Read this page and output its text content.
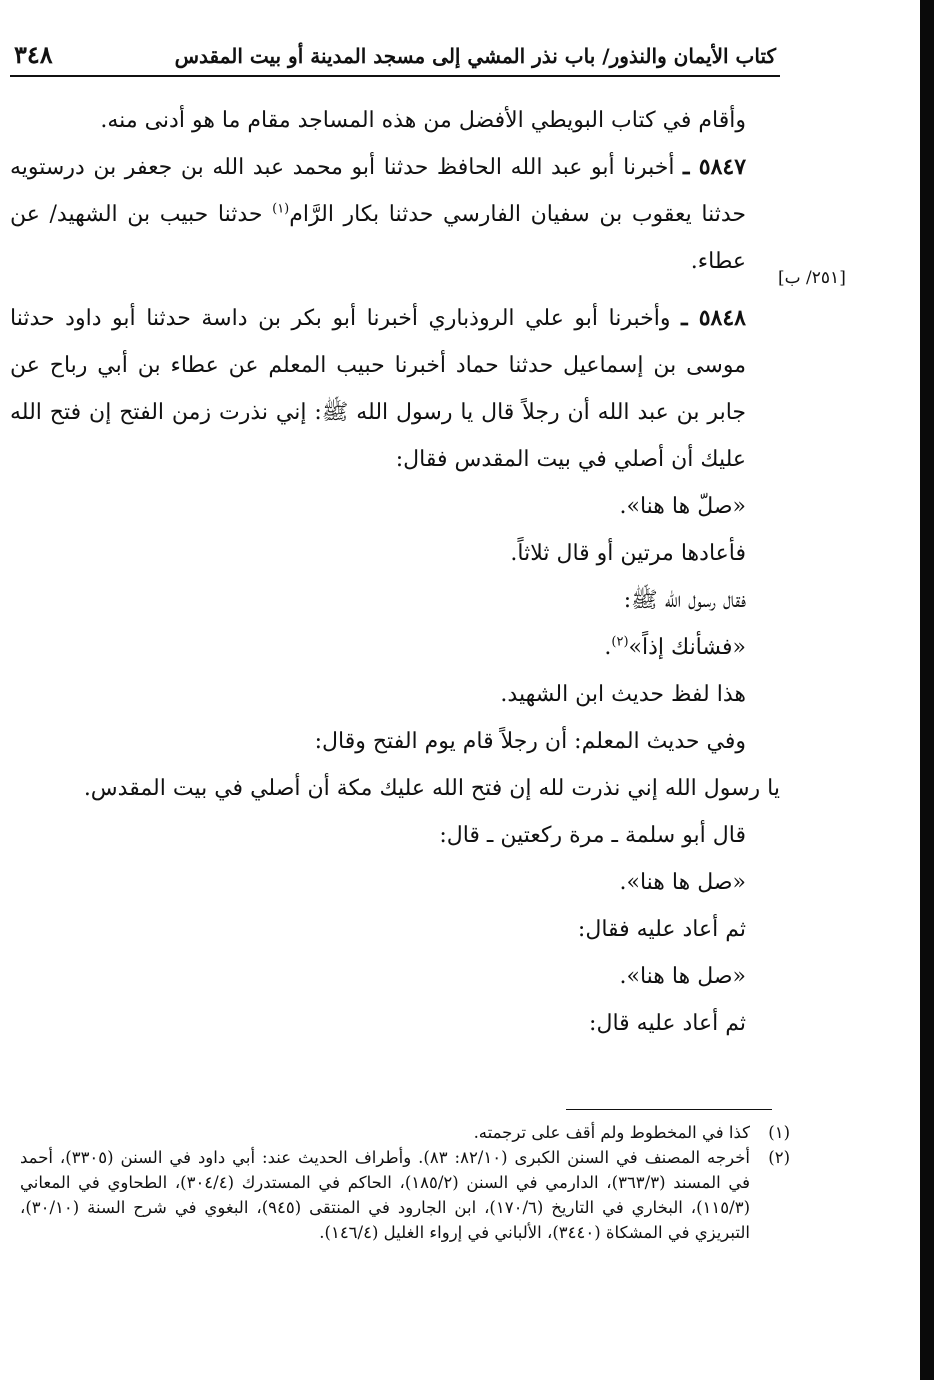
كتاب الأيمان والنذور/ باب نذر المشي إلى مسجد المدينة أو بيت المقدس
٣٤٨

وأقام في كتاب البويطي الأفضل من هذه المساجد مقام ما هو أدنى منه.

٥٨٤٧ ـ أخبرنا أبو عبد الله الحافظ حدثنا أبو محمد عبد الله بن جعفر بن درستويه حدثنا يعقوب بن سفيان الفارسي حدثنا بكار الرَّام$^{(١)}$ حدثنا حبيب بن الشهيد/ عن عطاء.

٥٨٤٨ ـ وأخبرنا أبو علي الروذباري أخبرنا أبو بكر بن داسة حدثنا أبو داود حدثنا موسى بن إسماعيل حدثنا حماد أخبرنا حبيب المعلم عن عطاء بن أبي رباح عن جابر بن عبد الله أن رجلاً قال يا رسول الله ﷺ: إني نذرت زمن الفتح إن فتح الله عليك أن أصلي في بيت المقدس فقال:

«صلّ ها هنا».

فأعادها مرتين أو قال ثلاثاً.

فقال رسول الله ﷺ:

«فشأنك إذاً»$^{(٢)}$.

هذا لفظ حديث ابن الشهيد.

وفي حديث المعلم: أن رجلاً قام يوم الفتح وقال:

يا رسول الله إني نذرت لله إن فتح الله عليك مكة أن أصلي في بيت المقدس.

قال أبو سلمة ـ مرة ركعتين ـ قال:

«صل ها هنا».

ثم أعاد عليه فقال:

«صل ها هنا».

ثم أعاد عليه قال:

[٢٥١/ ب]
(١)
كذا في المخطوط ولم أقف على ترجمته.
(٢)
أخرجه المصنف في السنن الكبرى (٨٢/١٠: ٨٣). وأطراف الحديث عند: أبي داود في السنن (٣٣٠٥)، أحمد في المسند (٣٦٣/٣)، الدارمي في السنن (١٨٥/٢)، الحاكم في المستدرك (٣٠٤/٤)، الطحاوي في المعاني (١١٥/٣)، البخاري في التاريخ (١٧٠/٦)، ابن الجارود في المنتقى (٩٤٥)، البغوي في شرح السنة (٣٠/١٠)، التبريزي في المشكاة (٣٤٤٠)، الألباني في إرواء الغليل (١٤٦/٤).
